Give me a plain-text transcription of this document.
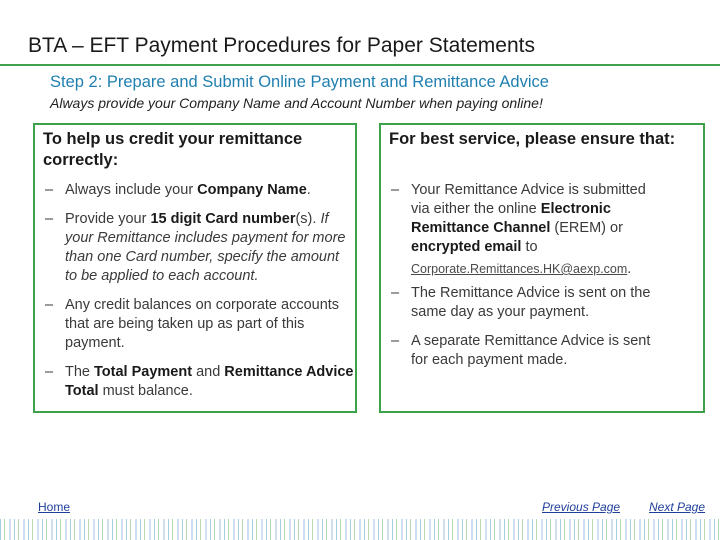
BTA – EFT Payment Procedures for Paper Statements
Step 2: Prepare and Submit Online Payment and Remittance Advice
Always provide your Company Name and Account Number when paying online!
To help us credit your remittance correctly:
– Always include your Company Name.
– Provide your 15 digit Card number(s). If your Remittance includes payment for more than one Card number, specify the amount to be applied to each account.
– Any credit balances on corporate accounts that are being taken up as part of this payment.
– The Total Payment and Remittance Advice Total must balance.
For best service, please ensure that:
– Your Remittance Advice is submitted via either the online Electronic Remittance Channel (EREM) or encrypted email to
Corporate.Remittances.HK@aexp.com.
– The Remittance Advice is sent on the same day as your payment.
– A separate Remittance Advice is sent for each payment made.
Home	Previous Page Next Page
